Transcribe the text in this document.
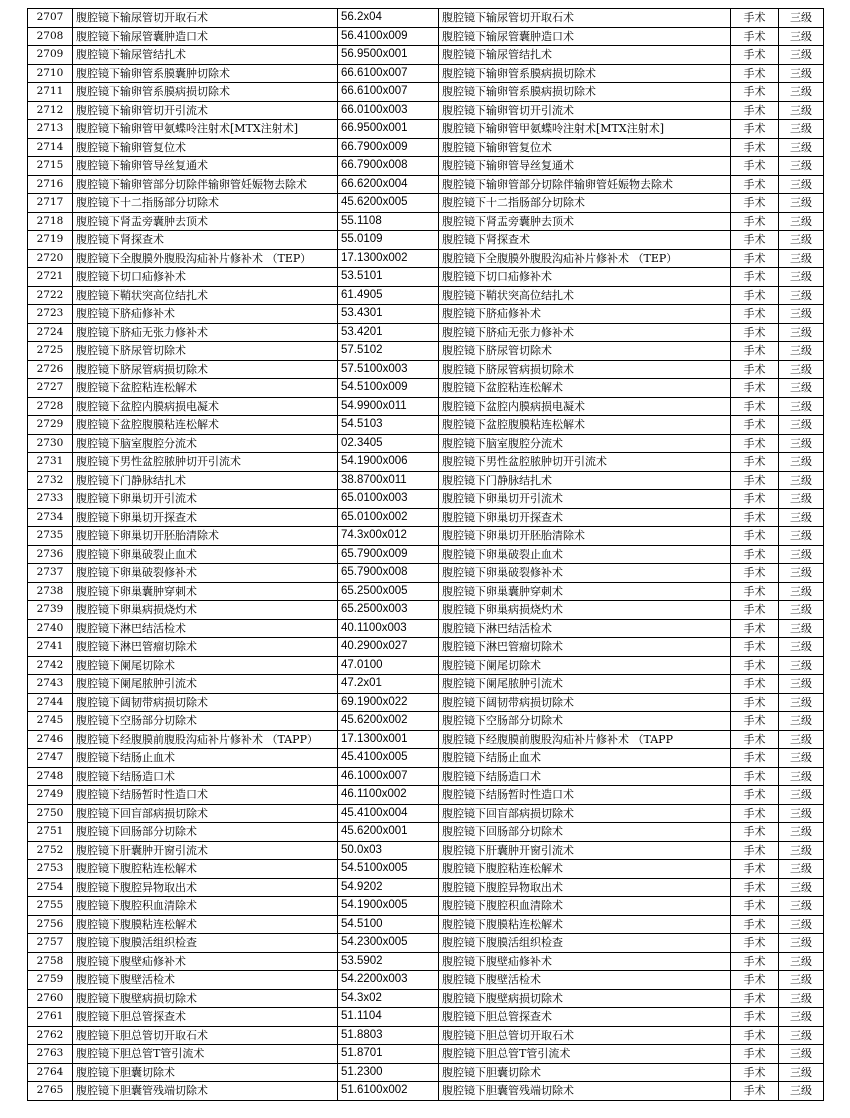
2707	腹腔镜下输尿管切开取石术	56.2x04	腹腔镜下输尿管切开取石术	手术	三级
2708	腹腔镜下输尿管囊肿造口术	56.4100x009	腹腔镜下输尿管囊肿造口术	手术	三级
2709	腹腔镜下输尿管结扎术	56.9500x001	腹腔镜下输尿管结扎术	手术	三级
2710	腹腔镜下输卵管系膜囊肿切除术	66.6100x007	腹腔镜下输卵管系膜病损切除术	手术	三级
2711	腹腔镜下输卵管系膜病损切除术	66.6100x007	腹腔镜下输卵管系膜病损切除术	手术	三级
2712	腹腔镜下输卵管切开引流术	66.0100x003	腹腔镜下输卵管切开引流术	手术	三级
2713	腹腔镜下输卵管甲氨蝶呤注射术[MTX注射术]	66.9500x001	腹腔镜下输卵管甲氨蝶呤注射术[MTX注射术]	手术	三级
2714	腹腔镜下输卵管复位术	66.7900x009	腹腔镜下输卵管复位术	手术	三级
2715	腹腔镜下输卵管导丝复通术	66.7900x008	腹腔镜下输卵管导丝复通术	手术	三级
2716	腹腔镜下输卵管部分切除伴输卵管妊娠物去除术	66.6200x004	腹腔镜下输卵管部分切除伴输卵管妊娠物去除术	手术	三级
2717	腹腔镜下十二指肠部分切除术	45.6200x005	腹腔镜下十二指肠部分切除术	手术	三级
2718	腹腔镜下肾盂旁囊肿去顶术	55.1108	腹腔镜下肾盂旁囊肿去顶术	手术	三级
2719	腹腔镜下肾探查术	55.0109	腹腔镜下肾探查术	手术	三级
2720	腹腔镜下全腹膜外腹股沟疝补片修补术 （TEP）	17.1300x002	腹腔镜下全腹膜外腹股沟疝补片修补术 （TEP）	手术	三级
2721	腹腔镜下切口疝修补术	53.5101	腹腔镜下切口疝修补术	手术	三级
2722	腹腔镜下鞘状突高位结扎术	61.4905	腹腔镜下鞘状突高位结扎术	手术	三级
2723	腹腔镜下脐疝修补术	53.4301	腹腔镜下脐疝修补术	手术	三级
2724	腹腔镜下脐疝无张力修补术	53.4201	腹腔镜下脐疝无张力修补术	手术	三级
2725	腹腔镜下脐尿管切除术	57.5102	腹腔镜下脐尿管切除术	手术	三级
2726	腹腔镜下脐尿管病损切除术	57.5100x003	腹腔镜下脐尿管病损切除术	手术	三级
2727	腹腔镜下盆腔粘连松解术	54.5100x009	腹腔镜下盆腔粘连松解术	手术	三级
2728	腹腔镜下盆腔内膜病损电凝术	54.9900x011	腹腔镜下盆腔内膜病损电凝术	手术	三级
2729	腹腔镜下盆腔腹膜粘连松解术	54.5103	腹腔镜下盆腔腹膜粘连松解术	手术	三级
2730	腹腔镜下脑室腹腔分流术	02.3405	腹腔镜下脑室腹腔分流术	手术	三级
2731	腹腔镜下男性盆腔脓肿切开引流术	54.1900x006	腹腔镜下男性盆腔脓肿切开引流术	手术	三级
2732	腹腔镜下门静脉结扎术	38.8700x011	腹腔镜下门静脉结扎术	手术	三级
2733	腹腔镜下卵巢切开引流术	65.0100x003	腹腔镜下卵巢切开引流术	手术	三级
2734	腹腔镜下卵巢切开探查术	65.0100x002	腹腔镜下卵巢切开探查术	手术	三级
2735	腹腔镜下卵巢切开胚胎清除术	74.3x00x012	腹腔镜下卵巢切开胚胎清除术	手术	三级
2736	腹腔镜下卵巢破裂止血术	65.7900x009	腹腔镜下卵巢破裂止血术	手术	三级
2737	腹腔镜下卵巢破裂修补术	65.7900x008	腹腔镜下卵巢破裂修补术	手术	三级
2738	腹腔镜下卵巢囊肿穿刺术	65.2500x005	腹腔镜下卵巢囊肿穿刺术	手术	三级
2739	腹腔镜下卵巢病损烧灼术	65.2500x003	腹腔镜下卵巢病损烧灼术	手术	三级
2740	腹腔镜下淋巴结活检术	40.1100x003	腹腔镜下淋巴结活检术	手术	三级
2741	腹腔镜下淋巴管瘤切除术	40.2900x027	腹腔镜下淋巴管瘤切除术	手术	三级
2742	腹腔镜下阑尾切除术	47.0100	腹腔镜下阑尾切除术	手术	三级
2743	腹腔镜下阑尾脓肿引流术	47.2x01	腹腔镜下阑尾脓肿引流术	手术	三级
2744	腹腔镜下阔韧带病损切除术	69.1900x022	腹腔镜下阔韧带病损切除术	手术	三级
2745	腹腔镜下空肠部分切除术	45.6200x002	腹腔镜下空肠部分切除术	手术	三级
2746	腹腔镜下经腹膜前腹股沟疝补片修补术 （TAPP）	17.1300x001	腹腔镜下经腹膜前腹股沟疝补片修补术 （TAPP	手术	三级
2747	腹腔镜下结肠止血术	45.4100x005	腹腔镜下结肠止血术	手术	三级
2748	腹腔镜下结肠造口术	46.1000x007	腹腔镜下结肠造口术	手术	三级
2749	腹腔镜下结肠暂时性造口术	46.1100x002	腹腔镜下结肠暂时性造口术	手术	三级
2750	腹腔镜下回盲部病损切除术	45.4100x004	腹腔镜下回盲部病损切除术	手术	三级
2751	腹腔镜下回肠部分切除术	45.6200x001	腹腔镜下回肠部分切除术	手术	三级
2752	腹腔镜下肝囊肿开窗引流术	50.0x03	腹腔镜下肝囊肿开窗引流术	手术	三级
2753	腹腔镜下腹腔粘连松解术	54.5100x005	腹腔镜下腹腔粘连松解术	手术	三级
2754	腹腔镜下腹腔异物取出术	54.9202	腹腔镜下腹腔异物取出术	手术	三级
2755	腹腔镜下腹腔积血清除术	54.1900x005	腹腔镜下腹腔积血清除术	手术	三级
2756	腹腔镜下腹膜粘连松解术	54.5100	腹腔镜下腹膜粘连松解术	手术	三级
2757	腹腔镜下腹膜活组织检查	54.2300x005	腹腔镜下腹膜活组织检查	手术	三级
2758	腹腔镜下腹壁疝修补术	53.5902	腹腔镜下腹壁疝修补术	手术	三级
2759	腹腔镜下腹壁活检术	54.2200x003	腹腔镜下腹壁活检术	手术	三级
2760	腹腔镜下腹壁病损切除术	54.3x02	腹腔镜下腹壁病损切除术	手术	三级
2761	腹腔镜下胆总管探查术	51.1104	腹腔镜下胆总管探查术	手术	三级
2762	腹腔镜下胆总管切开取石术	51.8803	腹腔镜下胆总管切开取石术	手术	三级
2763	腹腔镜下胆总管T管引流术	51.8701	腹腔镜下胆总管T管引流术	手术	三级
2764	腹腔镜下胆囊切除术	51.2300	腹腔镜下胆囊切除术	手术	三级
2765	腹腔镜下胆囊管残端切除术	51.6100x002	腹腔镜下胆囊管残端切除术	手术	三级
